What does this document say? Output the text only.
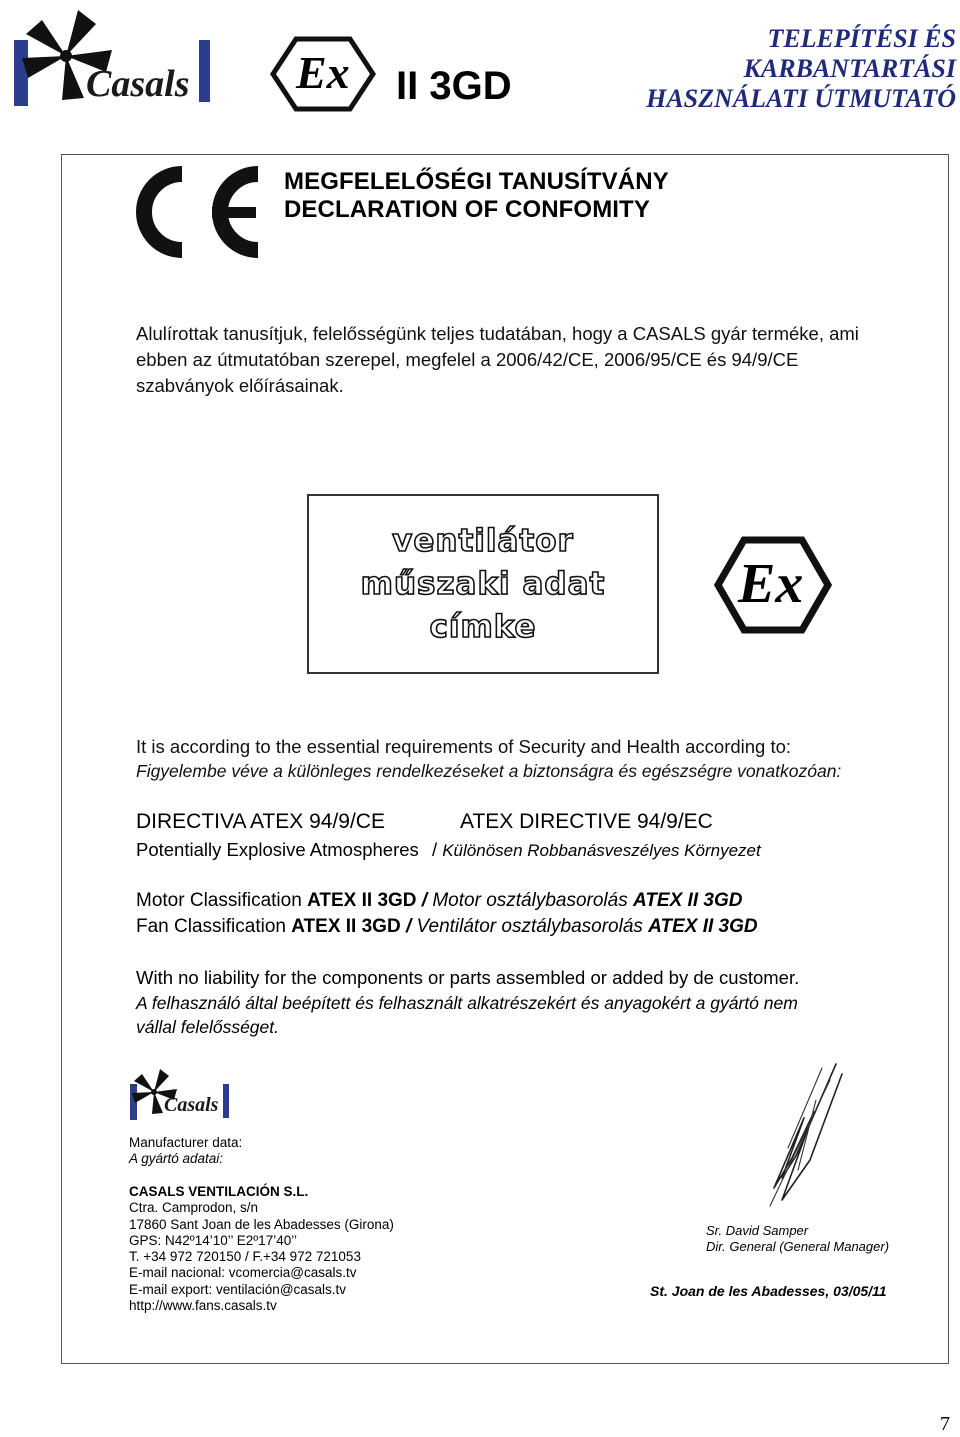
Casals Ex II 3GD
TELEPÍTÉSI ÉS KARBANTARTÁSI
HASZNÁLATI ÚTMUTATÓ
MEGFELELŐSÉGI TANUSÍTVÁNY
DECLARATION OF CONFOMITY
Alulírottak tanusítjuk, felelősségünk teljes tudatában, hogy a CASALS gyár terméke, ami
ebben az útmutatóban szerepel, megfelel a 2006/42/CE, 2006/95/CE és 94/9/CE
szabványok előírásainak.
ventilátor
műszaki adat
címke
Ex
It is according to the essential requirements of Security and Health according to:
Figyelembe véve a különleges rendelkezéseket a biztonságra és egészségre vonatkozóan:
DIRECTIVA ATEX 94/9/CE	ATEX DIRECTIVE 94/9/EC
Potentially Explosive Atmospheres / Különösen Robbanásveszélyes Környezet
Motor Classification ATEX II 3GD / Motor osztálybasorolás ATEX II 3GD
Fan Classification ATEX II 3GD / Ventilátor osztálybasorolás ATEX II 3GD
With no liability for the components or parts assembled or added by de customer.
A felhasználó által beépített és felhasznált alkatrészekért és anyagokért a gyártó nem
vállal felelősséget.
Casals
Manufacturer data:
A gyártó adatai:
CASALS VENTILACIÓN S.L.
Ctra. Camprodon, s/n
17860 Sant Joan de les Abadesses (Girona)
GPS: N42º14’10’’ E2º17’40’’
T. +34 972 720150 / F.+34 972 721053
E-mail nacional: vcomercia@casals.tv
E-mail export: ventilación@casals.tv
http://www.fans.casals.tv
Sr. David Samper
Dir. General (General Manager)
St. Joan de les Abadesses, 03/05/11
7
